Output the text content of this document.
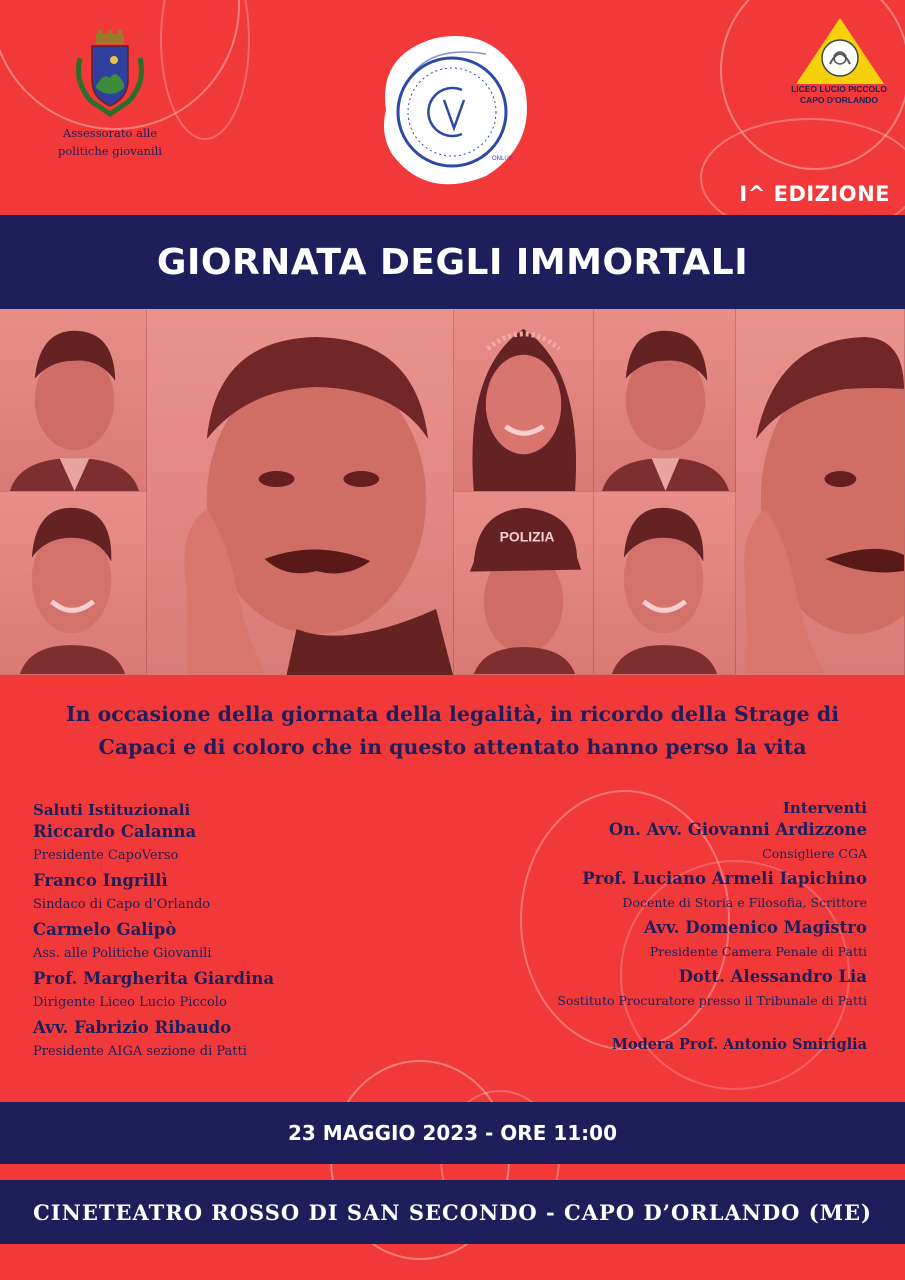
Assessorato alle
politiche giovanili
ONLUS
LICEO LUCIO PICCOLO
CAPO D'ORLANDO
I^ EDIZIONE
GIORNATA DEGLI IMMORTALI
POLIZIA
In occasione della giornata della legalità, in ricordo della Strage di
Capaci e di coloro che in questo attentato hanno perso la vita
Saluti Istituzionali
Riccardo Calanna
Presidente CapoVerso
Franco Ingrillì
Sindaco di Capo d’Orlando
Carmelo Galipò
Ass. alle Politiche Giovanili
Prof. Margherita Giardina
Dirigente Liceo Lucio Piccolo
Avv. Fabrizio Ribaudo
Presidente AIGA sezione di Patti
Interventi
On. Avv. Giovanni Ardizzone
Consigliere CGA
Prof. Luciano Armeli Iapichino
Docente di Storia e Filosofia, Scrittore
Avv. Domenico Magistro
Presidente Camera Penale di Patti
Dott. Alessandro Lia
Sostituto Procuratore presso il Tribunale di Patti
Modera Prof. Antonio Smiriglia
23 MAGGIO 2023 - ORE 11:00
CINETEATRO ROSSO DI SAN SECONDO - CAPO D’ORLANDO (ME)
